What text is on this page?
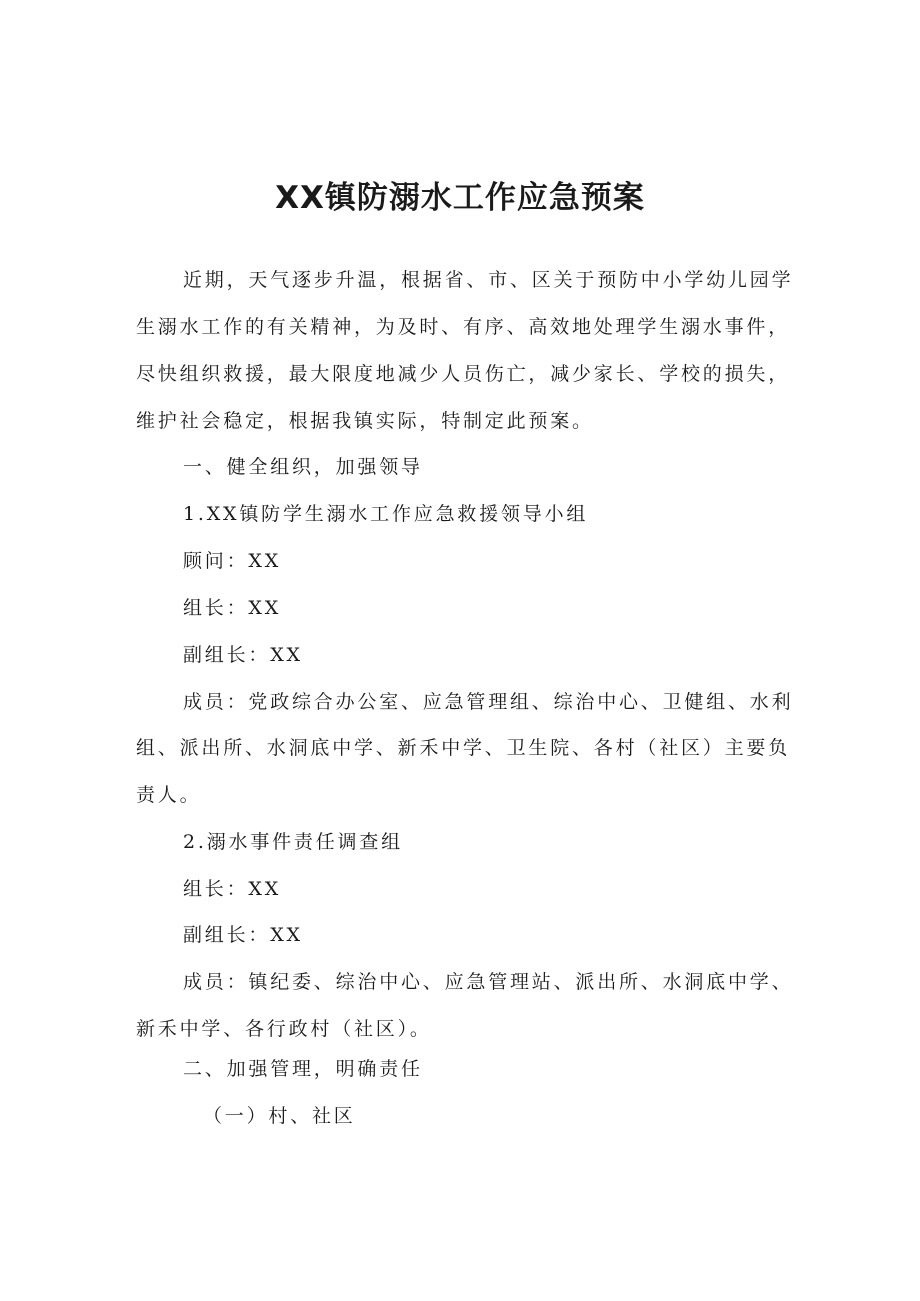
XX镇防溺水工作应急预案

近期，天气逐步升温，根据省、市、区关于预防中小学幼儿园学

生溺水工作的有关精神，为及时、有序、高效地处理学生溺水事件，

尽快组织救援，最大限度地减少人员伤亡，减少家长、学校的损失，

维护社会稳定，根据我镇实际，特制定此预案。

一、健全组织，加强领导

1.XX镇防学生溺水工作应急救援领导小组

顾问：XX

组长：XX

副组长：XX

成员：党政综合办公室、应急管理组、综治中心、卫健组、水利

组、派出所、水洞底中学、新禾中学、卫生院、各村（社区）主要负

责人。

2.溺水事件责任调查组

组长：XX

副组长：XX

成员：镇纪委、综治中心、应急管理站、派出所、水洞底中学、

新禾中学、各行政村（社区）。

二、加强管理，明确责任

（一）村、社区
